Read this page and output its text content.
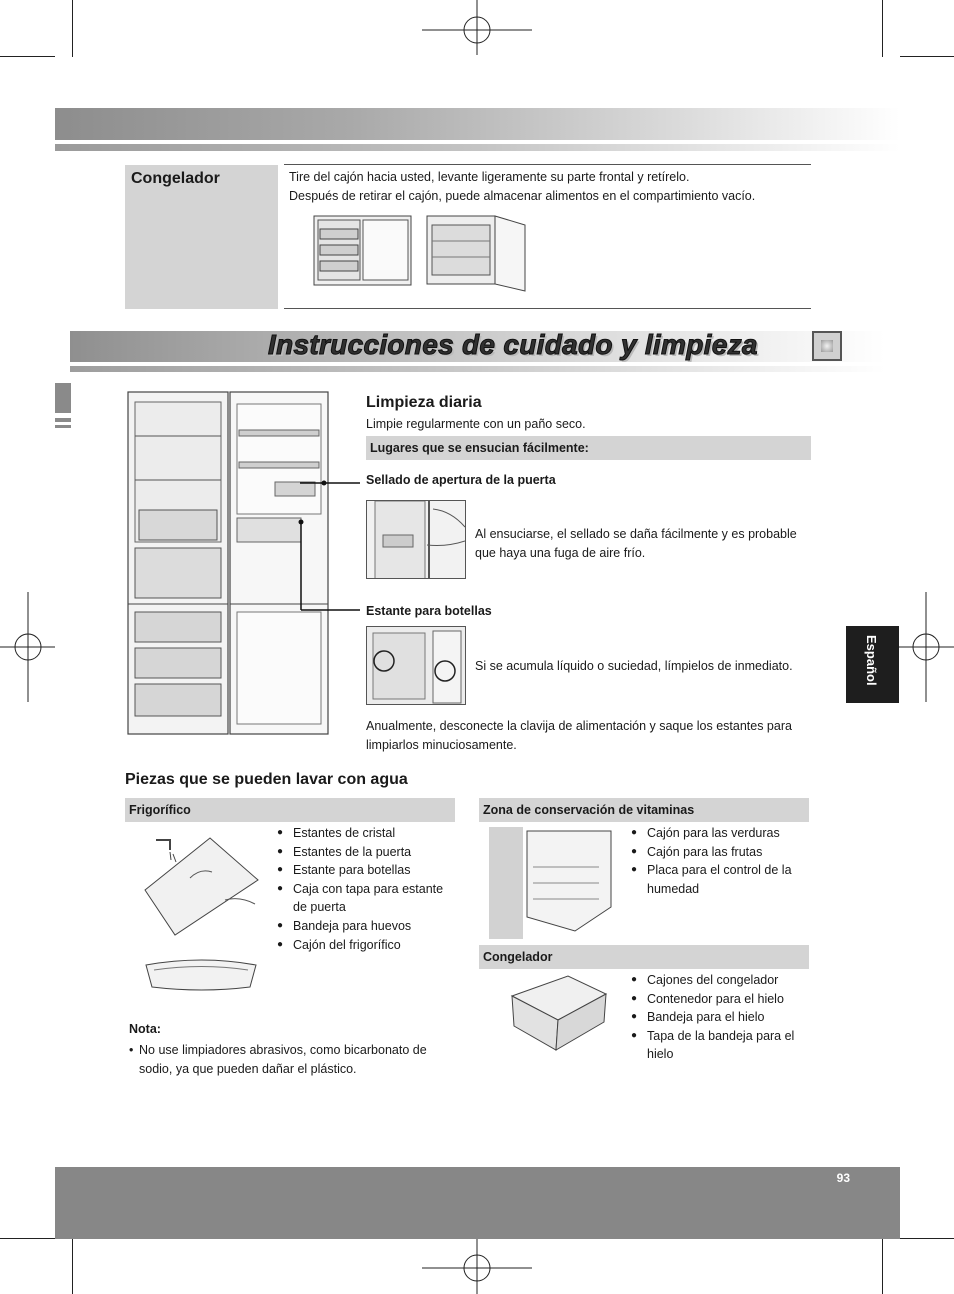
Congelador	Tire del cajón hacia usted, levante ligeramente su parte frontal y retírelo.
Después de retirar el cajón, puede almacenar alimentos en el compartimiento vacío.
Instrucciones de cuidado y limpieza
Español
Limpieza diaria
Limpie regularmente con un paño seco.
Lugares que se ensucian fácilmente:
Sellado de apertura de la puerta
Al ensuciarse, el sellado se daña fácilmente y es probable que haya una fuga de aire frío.
Estante para botellas
Si se acumula líquido o suciedad, límpielos de inmediato.
Anualmente, desconecte la clavija de alimentación y saque los estantes para limpiarlos minuciosamente.
Piezas que se pueden lavar con agua
Frigorífico
● Estantes de cristal
● Estantes de la puerta
● Estante para botellas
● Caja con tapa para estante de puerta
● Bandeja para huevos
● Cajón del frigorífico
Nota:
• No use limpiadores abrasivos, como bicarbonato de sodio, ya que pueden dañar el plástico.
Zona de conservación de vitaminas
● Cajón para las verduras
● Cajón para las frutas
● Placa para el control de la humedad
Congelador
● Cajones del congelador
● Contenedor para el hielo
● Bandeja para el hielo
● Tapa de la bandeja para el hielo
93
